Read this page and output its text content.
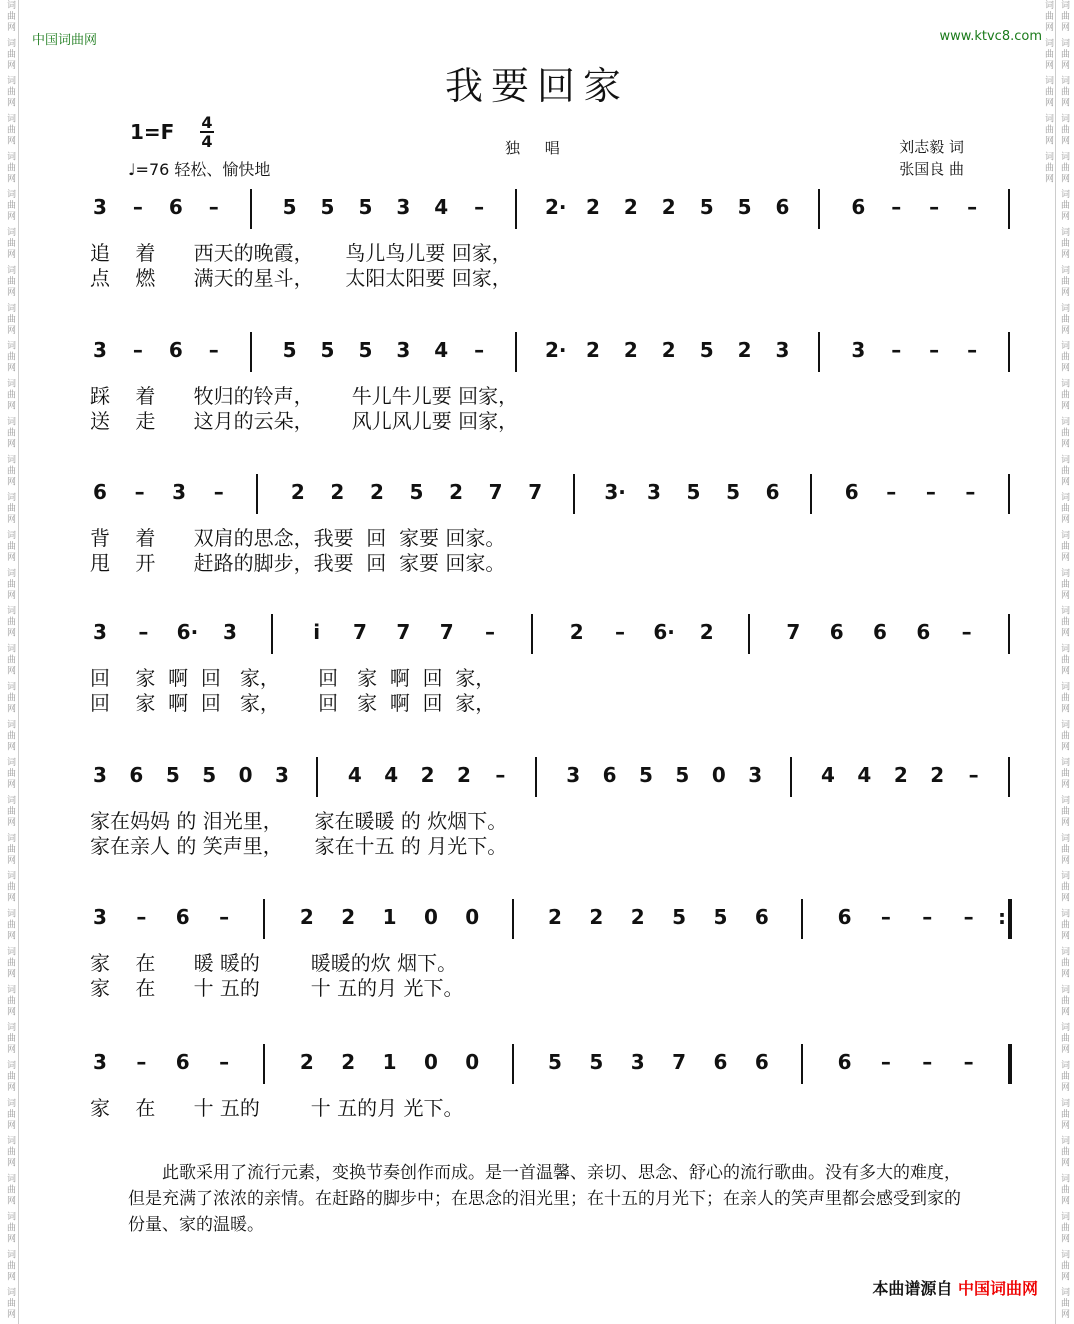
词曲网 词曲网 词曲网 词曲网 词曲网 词曲网 词曲网 词曲网 词曲网 词曲网 词曲网 词曲网 词曲网 词曲网 词曲网 词曲网 词曲网 词曲网 词曲网 词曲网 词曲网 词曲网 词曲网 词曲网 词曲网 词曲网 词曲网 词曲网 词曲网 词曲网 词曲网 词曲网 词曲网 词曲网 词曲网	词曲网 词曲网 词曲网 词曲网 词曲网 词曲网 词曲网 词曲网 词曲网 词曲网 词曲网 词曲网 词曲网 词曲网 词曲网 词曲网 词曲网 词曲网 词曲网 词曲网 词曲网 词曲网 词曲网 词曲网 词曲网 词曲网 词曲网 词曲网 词曲网 词曲网 词曲网 词曲网 词曲网 词曲网 词曲网 词曲网 词曲网 词曲网 词曲网 词曲网
中国词曲网	www.ktvc8.com
我要回家
1=F 4
4
♩=76 轻松、愉快地
独 唱	刘志毅 词
张国良 曲
3 – 6 –	5 5 5 3 4 –	2· 2 2 2 5 5 6	6 – – –
追    着      西天的晚霞，     鸟儿鸟儿要 回家，
点    燃      满天的星斗，     太阳太阳要 回家，
3 – 6 –	5 5 5 3 4 –	2· 2 2 2 5 2 3	3 – – –
踩    着      牧归的铃声，      牛儿牛儿要 回家，
送    走      这月的云朵，      风儿风儿要 回家，
6 – 3 –	2 2 2 5 2 7 7	3· 3 5 5 6	6 – – –
背    着      双肩的思念，我要  回  家要 回家。
甩    开      赶路的脚步，我要  回  家要 回家。
3 – 6· 3	i	7 7 7 –	2 – 6· 2	7 6 6 6 –
回    家  啊  回   家，      回   家  啊  回  家，
回    家  啊  回   家，      回   家  啊  回  家，
3 6 5 5 0 3	4 4 2 2 –	3 6 5 5 0 3	4 4 2 2 –
家在妈妈 的 泪光里，     家在暖暖 的 炊烟下。
家在亲人 的 笑声里，     家在十五 的 月光下。
3 – 6 –	2 2 1 0 0	2 2 2 5 5 6	6 – – –	:
家    在      暖 暖的        暖暖的炊 烟下。
家    在      十 五的        十 五的月 光下。
3 – 6 –	2 2 1 0 0	5 5 3 7 6 6	6 – – –
家    在      十 五的        十 五的月 光下。
此歌采用了流行元素，变换节奏创作而成。是一首温馨、亲切、思念、舒心的流行歌曲。没有多大的难度，但是充满了浓浓的亲情。在赶路的脚步中；在思念的泪光里；在十五的月光下；在亲人的笑声里都会感受到家的份量、家的温暖。
本曲谱源自 中国词曲网
